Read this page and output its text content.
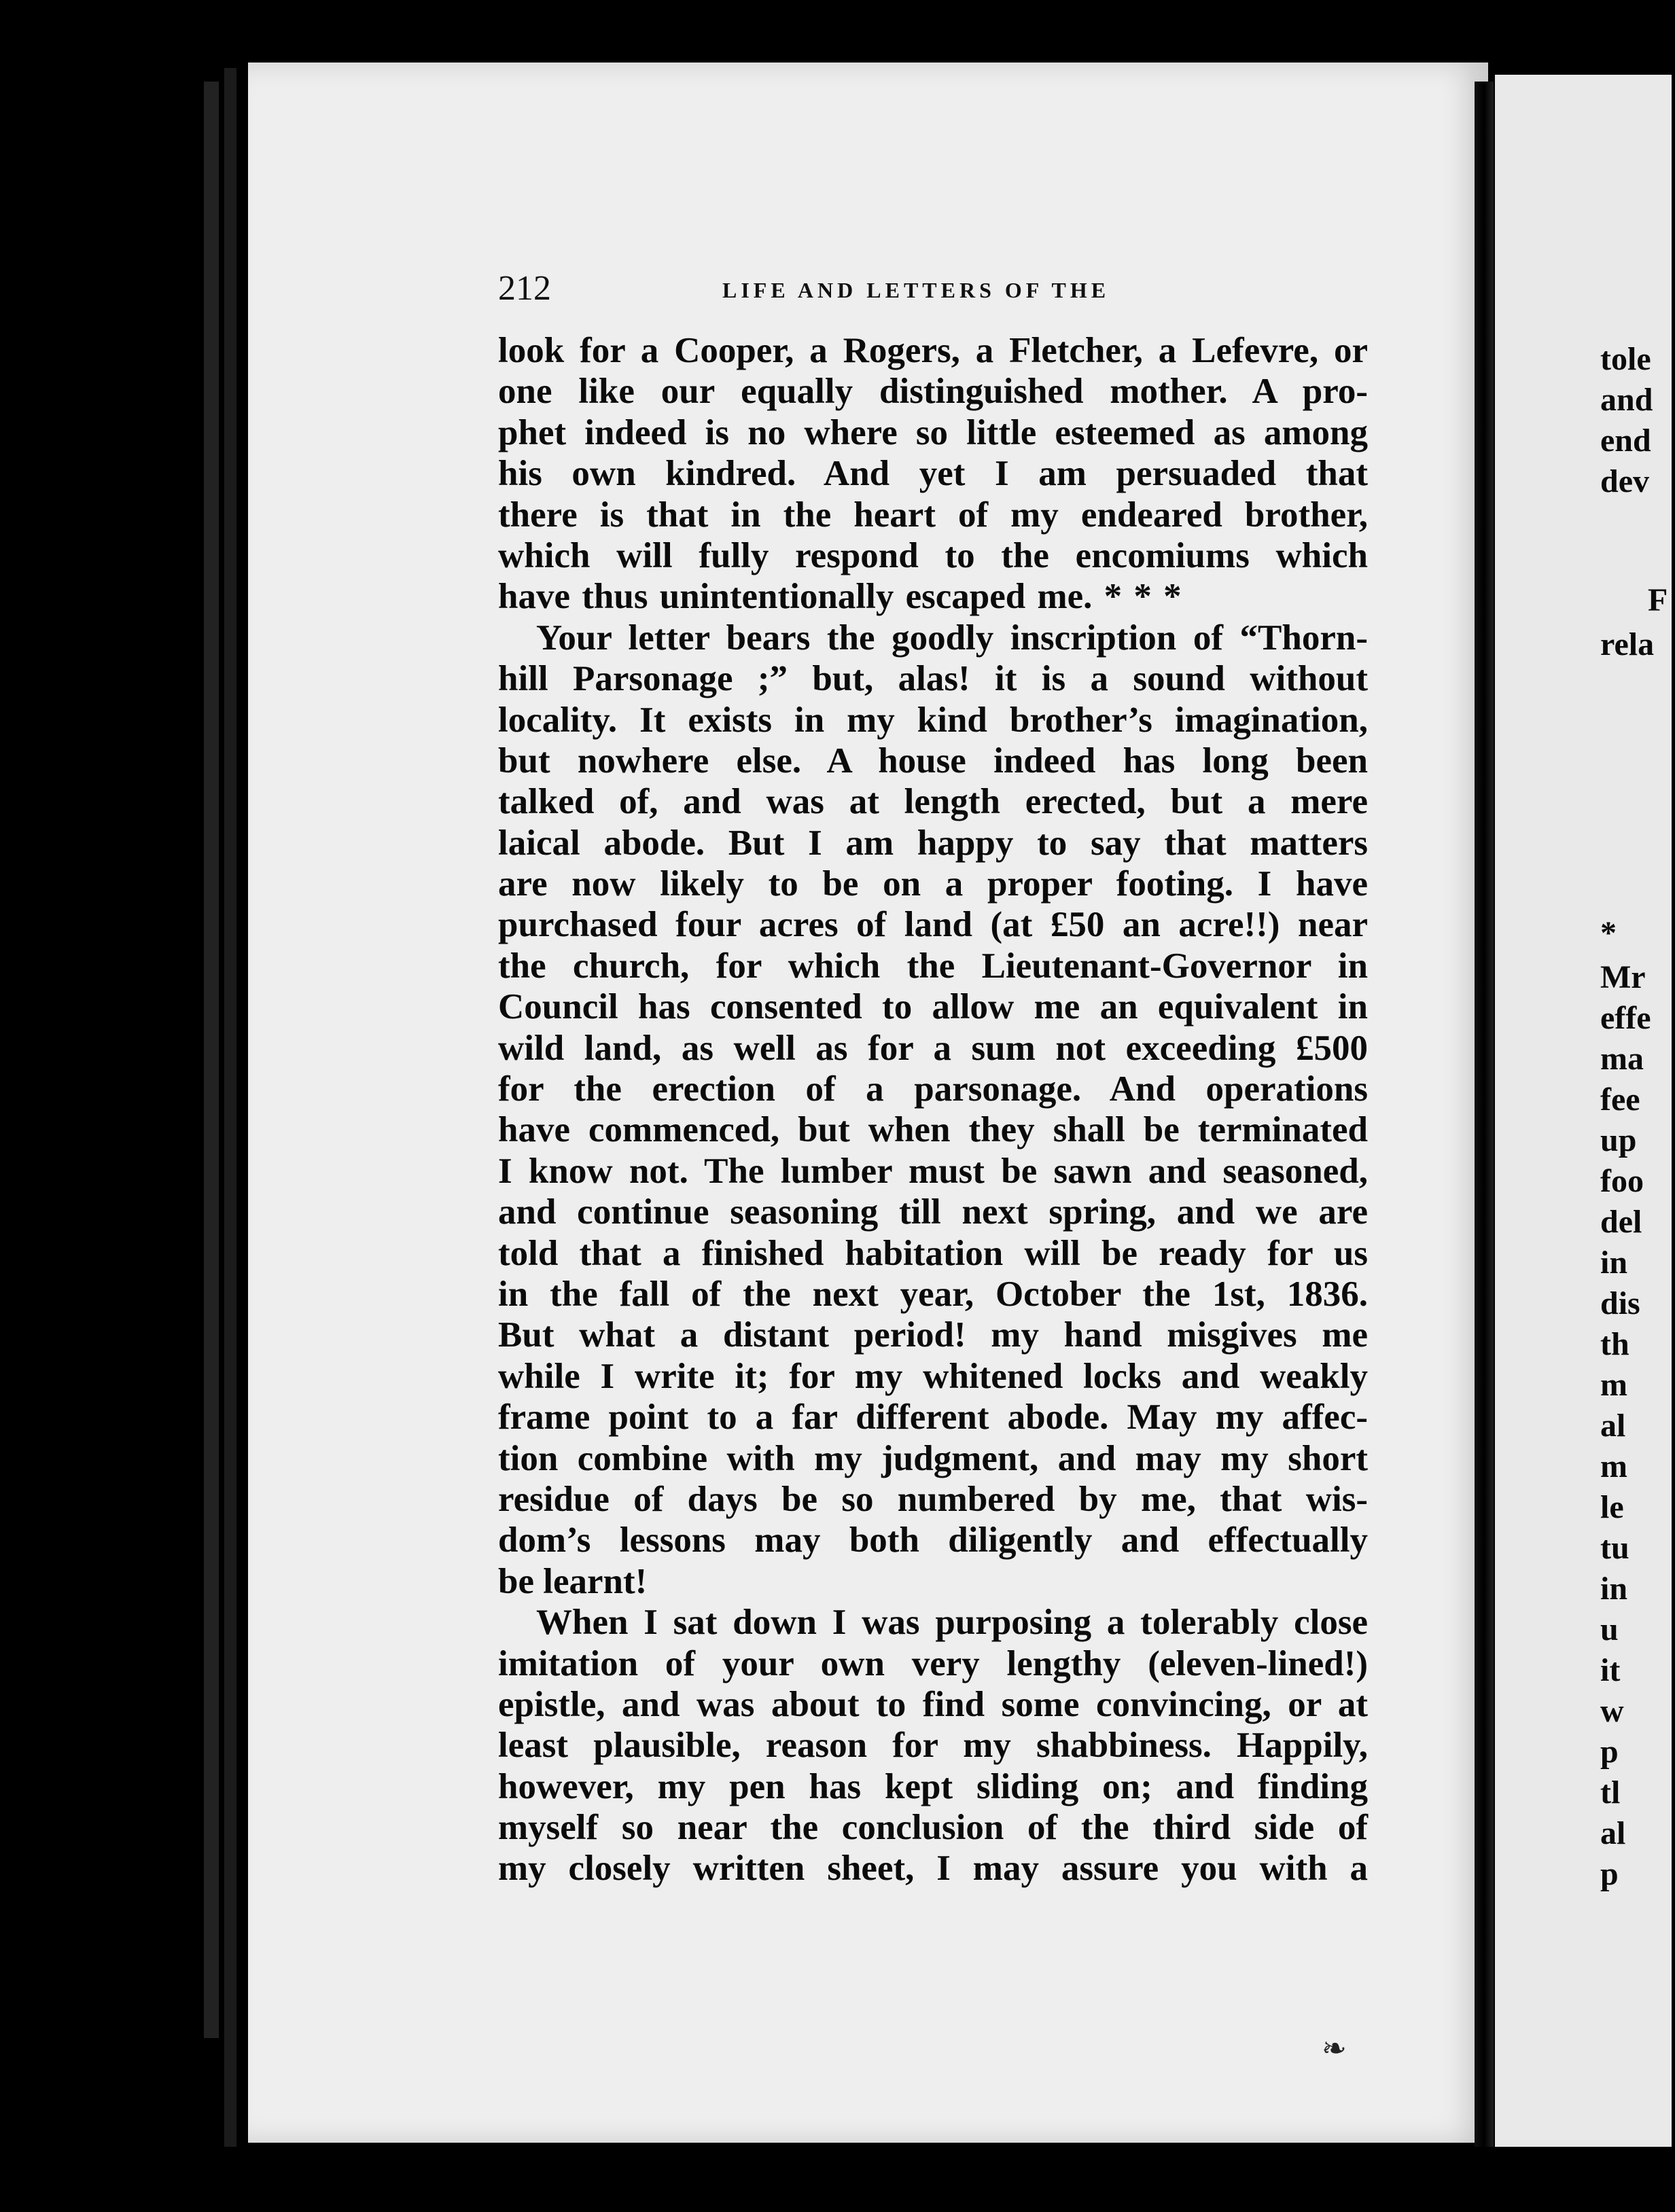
212	LIFE AND LETTERS OF THE
look for a Cooper, a Rogers, a Fletcher, a Lefevre, or
one like our equally distinguished mother. A pro-
phet indeed is no where so little esteemed as among
his own kindred. And yet I am persuaded that
there is that in the heart of my endeared brother,
which will fully respond to the encomiums which
have thus unintentionally escaped me. * * *
Your letter bears the goodly inscription of “Thorn-
hill Parsonage ;” but, alas! it is a sound without
locality. It exists in my kind brother’s imagination,
but nowhere else. A house indeed has long been
talked of, and was at length erected, but a mere
laical abode. But I am happy to say that matters
are now likely to be on a proper footing. I have
purchased four acres of land (at £50 an acre!!) near
the church, for which the Lieutenant-Governor in
Council has consented to allow me an equivalent in
wild land, as well as for a sum not exceeding £500
for the erection of a parsonage. And operations
have commenced, but when they shall be terminated
I know not. The lumber must be sawn and seasoned,
and continue seasoning till next spring, and we are
told that a finished habitation will be ready for us
in the fall of the next year, October the 1st, 1836.
But what a distant period! my hand misgives me
while I write it; for my whitened locks and weakly
frame point to a far different abode. May my affec-
tion combine with my judgment, and may my short
residue of days be so numbered by me, that wis-
dom’s lessons may both diligently and effectually
be learnt!
When I sat down I was purposing a tolerably close
imitation of your own very lengthy (eleven-lined!)
epistle, and was about to find some convincing, or at
least plausible, reason for my shabbiness. Happily,
however, my pen has kept sliding on; and finding
myself so near the conclusion of the third side of
my closely written sheet, I may assure you with a
tole
and
end
dev
F
rela
*
Mr
effe
ma
fee
up
foo
del
in
dis
th
m
al
m
le
tu
in
u
it
w
p
tl
al
p
❧
